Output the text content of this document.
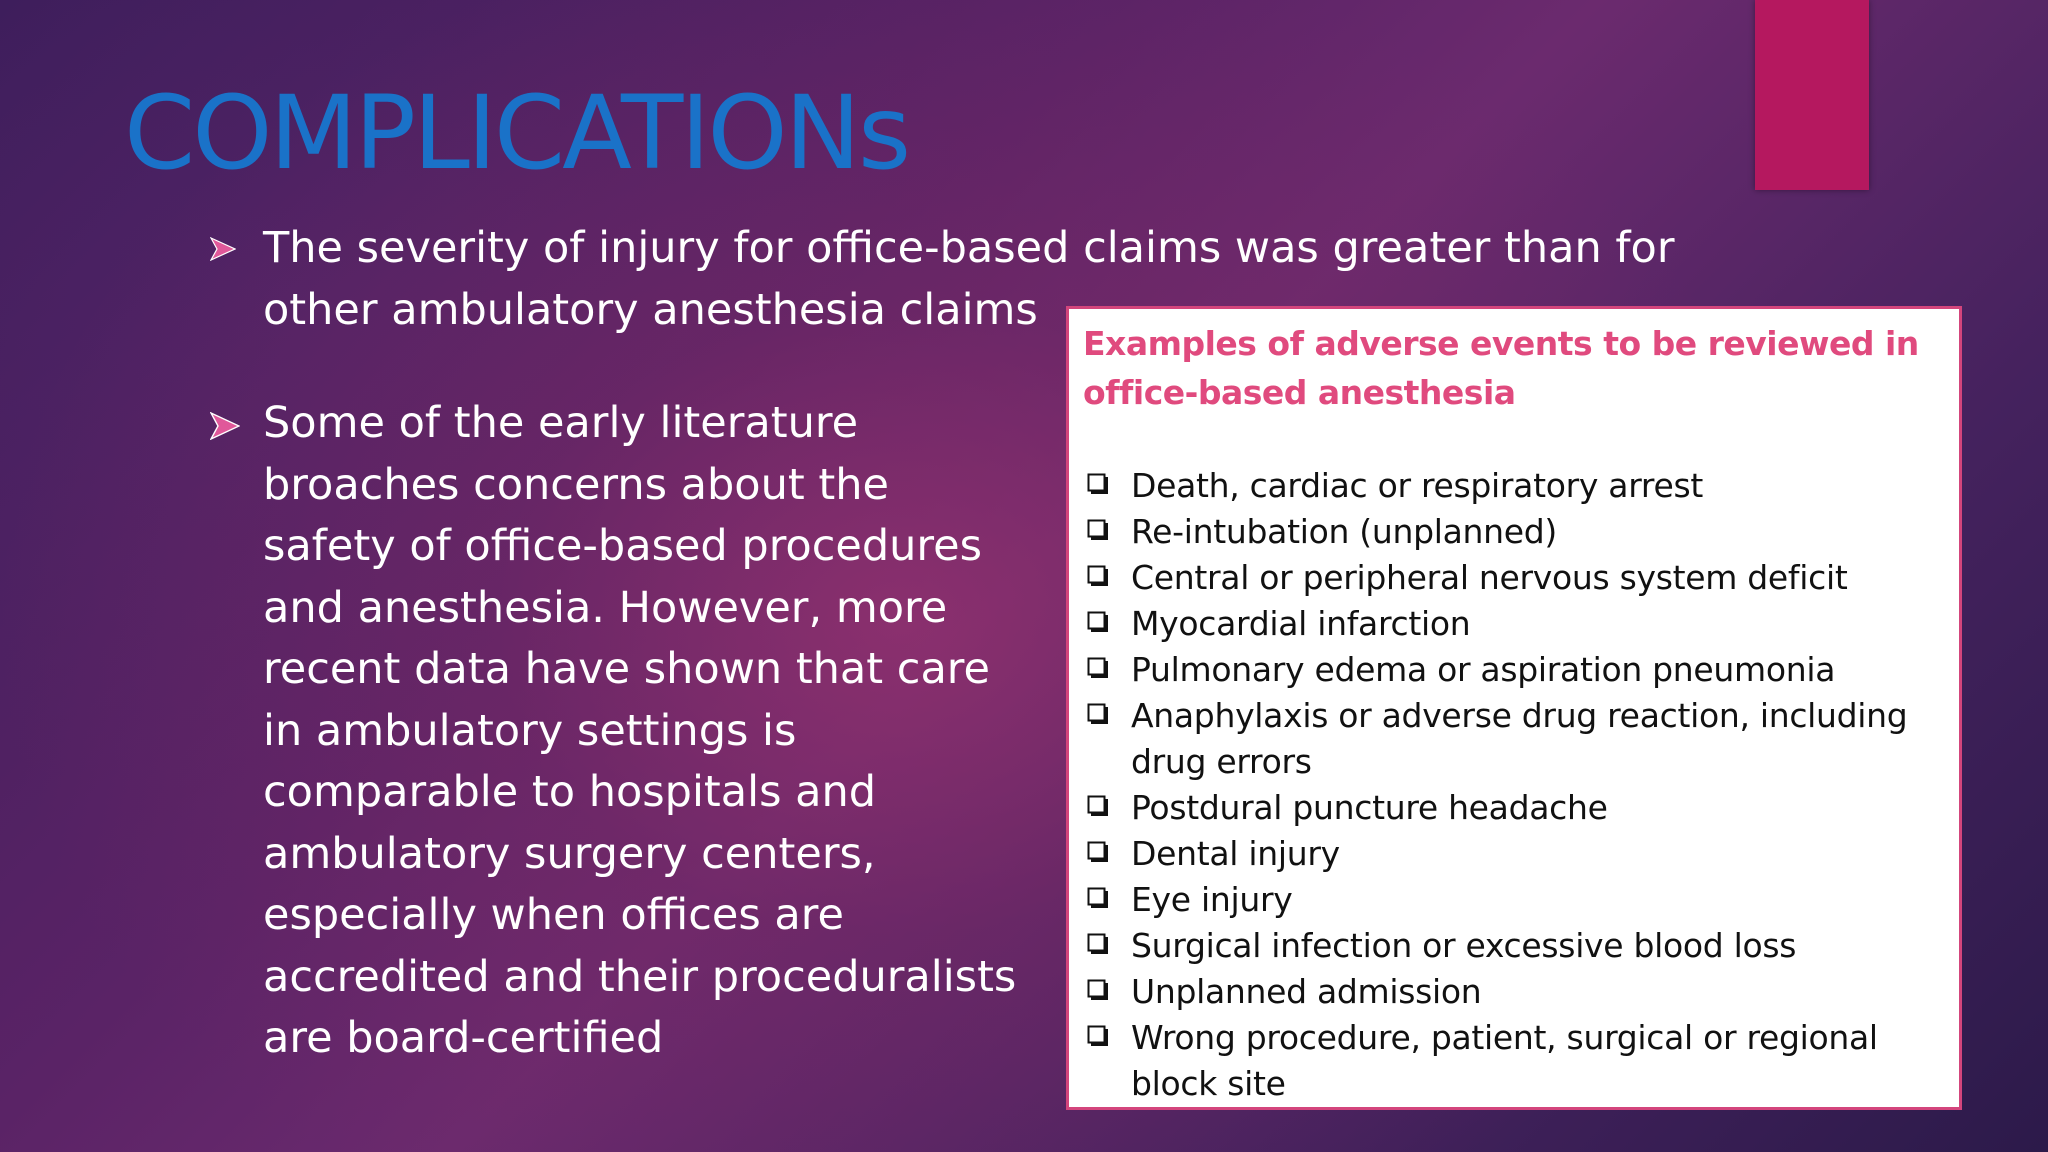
COMPLICATIONs
The severity of injury for office-based claims was greater than for other ambulatory anesthesia claims
Some of the early literature broaches concerns about the safety of office-based procedures and anesthesia. However, more recent data have shown that care in ambulatory settings is comparable to hospitals and ambulatory surgery centers, especially when offices are accredited and their proceduralists are board-certified
Examples of adverse events to be reviewed in office-based anesthesia
Death, cardiac or respiratory arrest
Re-intubation (unplanned)
Central or peripheral nervous system deficit
Myocardial infarction
Pulmonary edema or aspiration pneumonia
Anaphylaxis or adverse drug reaction, including drug errors
Postdural puncture headache
Dental injury
Eye injury
Surgical infection or excessive blood loss
Unplanned admission
Wrong procedure, patient, surgical or regional block site
